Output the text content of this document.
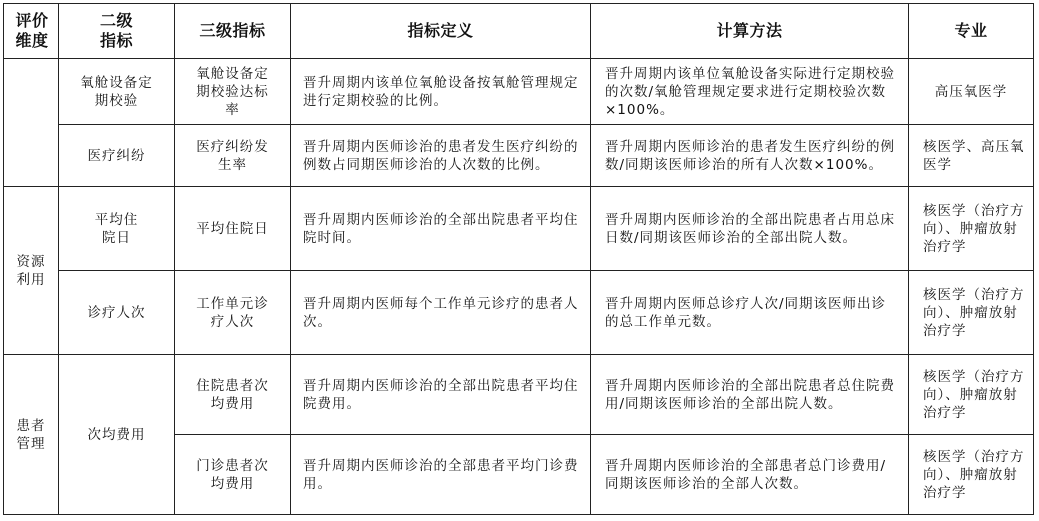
评价维度	二级指标	三级指标	指标定义	计算方法	专业
	氧舱设备定期校验	氧舱设备定期校验达标率	晋升周期内该单位氧舱设备按氧舱管理规定进行定期校验的比例。	晋升周期内该单位氧舱设备实际进行定期校验的次数/氧舱管理规定要求进行定期校验次数×100%。	高压氧医学
	医疗纠纷	医疗纠纷发生率	晋升周期内医师诊治的患者发生医疗纠纷的例数占同期医师诊治的人次数的比例。	晋升周期内医师诊治的患者发生医疗纠纷的例数/同期该医师诊治的所有人次数×100%。	核医学、高压氧医学
资源利用	平均住院日	平均住院日	晋升周期内医师诊治的全部出院患者平均住院时间。	晋升周期内医师诊治的全部出院患者占用总床日数/同期该医师诊治的全部出院人数。	核医学（治疗方向）、肿瘤放射治疗学
	诊疗人次	工作单元诊疗人次	晋升周期内医师每个工作单元诊疗的患者人次。	晋升周期内医师总诊疗人次/同期该医师出诊的总工作单元数。	核医学（治疗方向）、肿瘤放射治疗学
患者管理	次均费用	住院患者次均费用	晋升周期内医师诊治的全部出院患者平均住院费用。	晋升周期内医师诊治的全部出院患者总住院费用/同期该医师诊治的全部出院人数。	核医学（治疗方向）、肿瘤放射治疗学
		门诊患者次均费用	晋升周期内医师诊治的全部患者平均门诊费用。	晋升周期内医师诊治的全部患者总门诊费用/同期该医师诊治的全部人次数。	核医学（治疗方向）、肿瘤放射治疗学
